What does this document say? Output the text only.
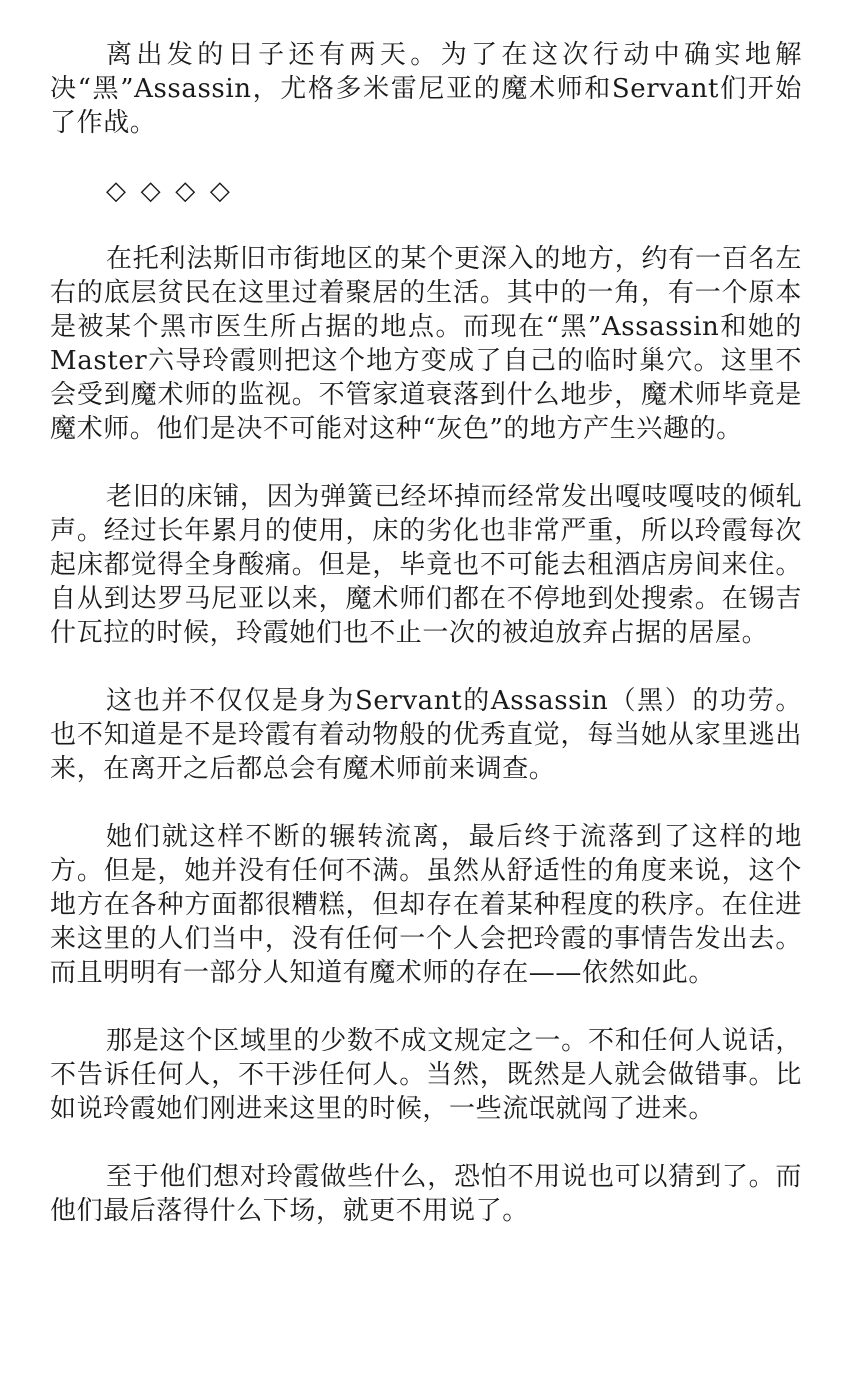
离出发的日子还有两天。为了在这次行动中确实地解决“黑”Assassin，尤格多米雷尼亚的魔术师和Servant们开始了作战。

◇ ◇ ◇ ◇

在托利法斯旧市街地区的某个更深入的地方，约有一百名左右的底层贫民在这里过着聚居的生活。其中的一角，有一个原本是被某个黑市医生所占据的地点。而现在“黑”Assassin和她的Master六导玲霞则把这个地方变成了自己的临时巢穴。这里不会受到魔术师的监视。不管家道衰落到什么地步，魔术师毕竟是魔术师。他们是决不可能对这种“灰色”的地方产生兴趣的。

老旧的床铺，因为弹簧已经坏掉而经常发出嘎吱嘎吱的倾轧声。经过长年累月的使用，床的劣化也非常严重，所以玲霞每次起床都觉得全身酸痛。但是，毕竟也不可能去租酒店房间来住。自从到达罗马尼亚以来，魔术师们都在不停地到处搜索。在锡吉什瓦拉的时候，玲霞她们也不止一次的被迫放弃占据的居屋。

这也并不仅仅是身为Servant的Assassin（黑）的功劳。也不知道是不是玲霞有着动物般的优秀直觉，每当她从家里逃出来，在离开之后都总会有魔术师前来调查。

她们就这样不断的辗转流离，最后终于流落到了这样的地方。但是，她并没有任何不满。虽然从舒适性的角度来说，这个地方在各种方面都很糟糕，但却存在着某种程度的秩序。在住进来这里的人们当中，没有任何一个人会把玲霞的事情告发出去。而且明明有一部分人知道有魔术师的存在——依然如此。

那是这个区域里的少数不成文规定之一。不和任何人说话，不告诉任何人，不干涉任何人。当然，既然是人就会做错事。比如说玲霞她们刚进来这里的时候，一些流氓就闯了进来。

至于他们想对玲霞做些什么，恐怕不用说也可以猜到了。而他们最后落得什么下场，就更不用说了。
